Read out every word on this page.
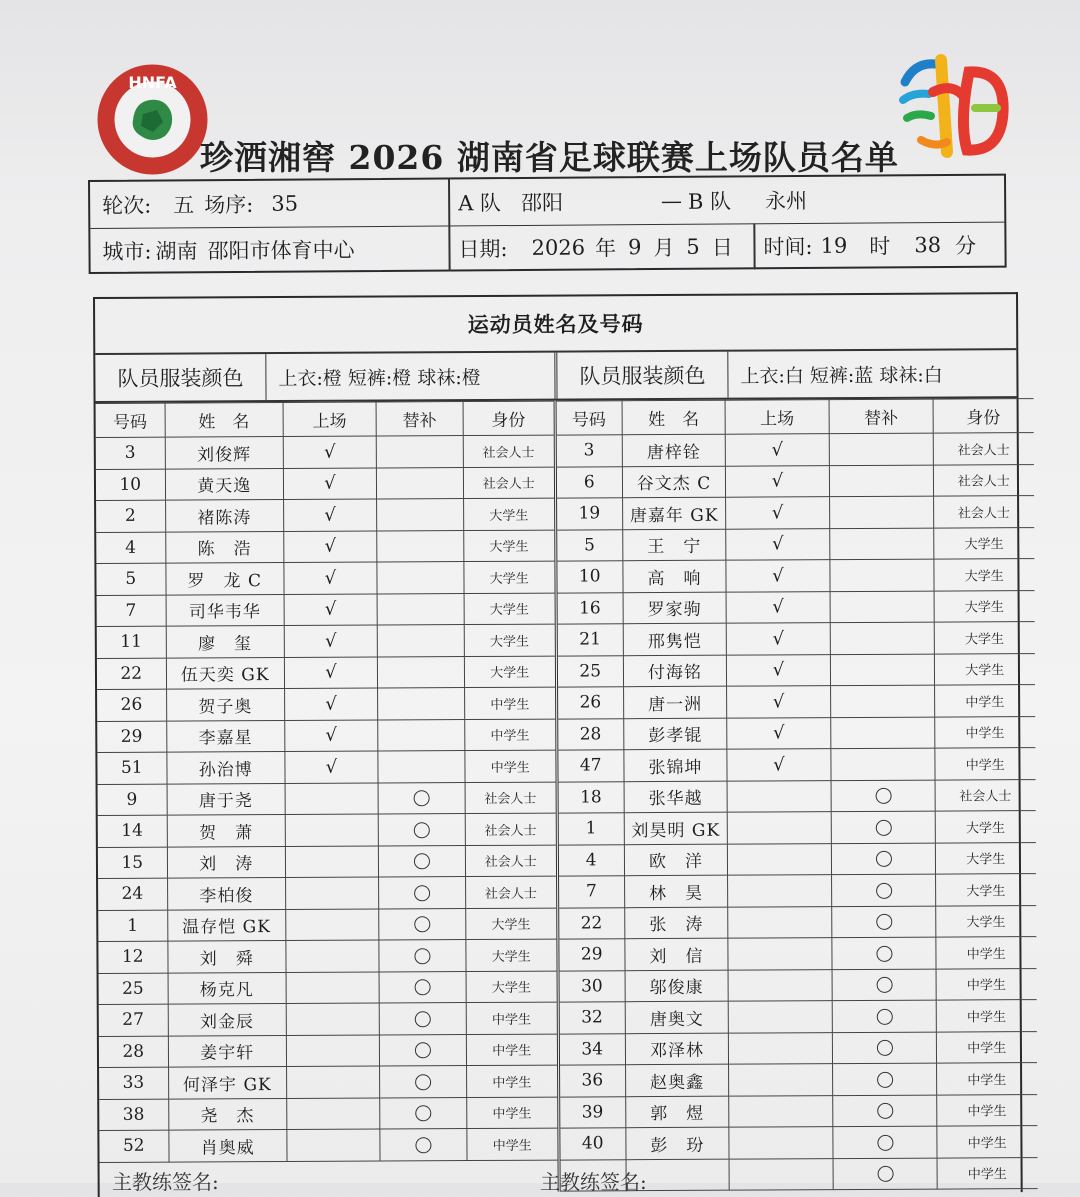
HNFA
珍酒湘窖 2026 湖南省足球联赛上场队员名单
轮次: 五 场序: 35	A 队 邵阳	— B 队 永州
城市: 湖南 邵阳市体育中心	日期: 2026 年 9 月 5 日 时间: 19 时 38 分
运动员姓名及号码
队员服装颜色	上衣:橙 短裤:橙 球袜:橙	队员服装颜色	上衣:白 短裤:蓝 球袜:白
号码	姓　名	上场	替补	身份
3	刘俊辉	√		社会人士
10	黄天逸	√		社会人士
2	褚陈涛	√		大学生
4	陈　浩	√		大学生
5	罗　龙 C	√		大学生
7	司华韦华	√		大学生
11	廖　玺	√		大学生
22	伍天奕 GK	√		大学生
26	贺子奥	√		中学生
29	李嘉星	√		中学生
51	孙治博	√		中学生
9	唐于尧			社会人士
14	贺　萧			社会人士
15	刘　涛			社会人士
24	李柏俊			社会人士
1	温存恺 GK			大学生
12	刘　舜			大学生
25	杨克凡			大学生
27	刘金辰			中学生
28	姜宇轩			中学生
33	何泽宇 GK			中学生
38	尧　杰			中学生
52	肖奥威			中学生
号码	姓　名	上场	替补	身份
3	唐梓铨	√		社会人士
6	谷文杰 C	√		社会人士
19	唐嘉年 GK	√		社会人士
5	王　宁	√		大学生
10	高　响	√		大学生
16	罗家驹	√		大学生
21	邢隽恺	√		大学生
25	付海铭	√		大学生
26	唐一洲	√		中学生
28	彭孝锟	√		中学生
47	张锦坤	√		中学生
18	张华越			社会人士
1	刘昊明 GK			大学生
4	欧　洋			大学生
7	林　昊			大学生
22	张　涛			大学生
29	刘　信			中学生
30	邬俊康			中学生
32	唐奥文			中学生
34	邓泽林			中学生
36	赵奥鑫			中学生
39	郭　煜			中学生
40	彭　玢			中学生
				中学生
主教练签名:	主教练签名:
